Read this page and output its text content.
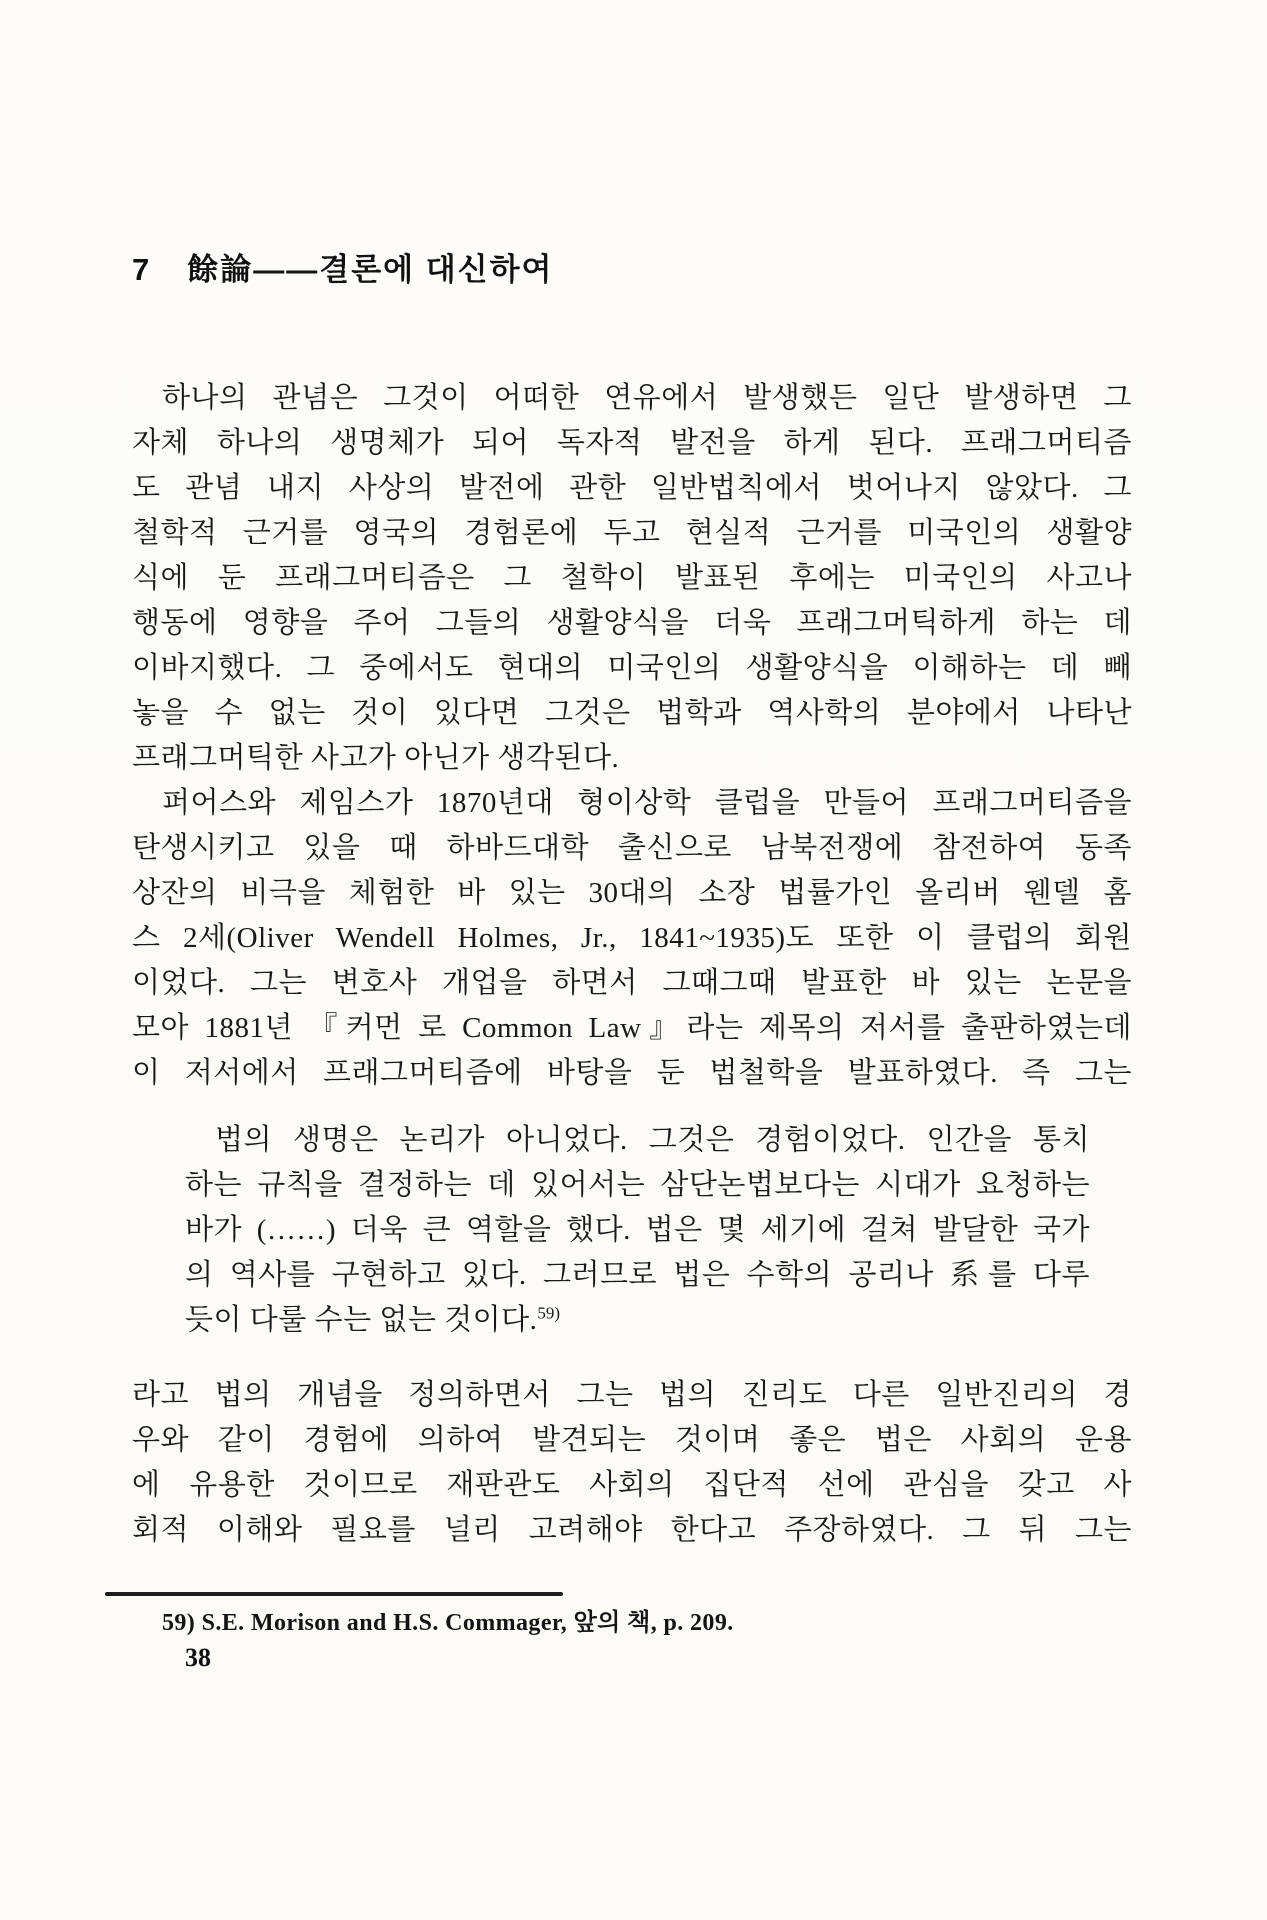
7 餘論——결론에 대신하여
하나의 관념은 그것이 어떠한 연유에서 발생했든 일단 발생하면 그
자체 하나의 생명체가 되어 독자적 발전을 하게 된다. 프래그머티즘
도 관념 내지 사상의 발전에 관한 일반법칙에서 벗어나지 않았다. 그
철학적 근거를 영국의 경험론에 두고 현실적 근거를 미국인의 생활양
식에 둔 프래그머티즘은 그 철학이 발표된 후에는 미국인의 사고나
행동에 영향을 주어 그들의 생활양식을 더욱 프래그머틱하게 하는 데
이바지했다. 그 중에서도 현대의 미국인의 생활양식을 이해하는 데 빼
놓을 수 없는 것이 있다면 그것은 법학과 역사학의 분야에서 나타난
프래그머틱한 사고가 아닌가 생각된다.
퍼어스와 제임스가 1870년대 형이상학 클럽을 만들어 프래그머티즘을
탄생시키고 있을 때 하바드대학 출신으로 남북전쟁에 참전하여 동족
상잔의 비극을 체험한 바 있는 30대의 소장 법률가인 올리버 웬델 홈
스 2세(Oliver Wendell Holmes, Jr., 1841~1935)도 또한 이 클럽의 회원
이었다. 그는 변호사 개업을 하면서 그때그때 발표한 바 있는 논문을
모아 1881년 『커먼 로 Common Law』라는 제목의 저서를 출판하였는데
이 저서에서 프래그머티즘에 바탕을 둔 법철학을 발표하였다. 즉 그는
법의 생명은 논리가 아니었다. 그것은 경험이었다. 인간을 통치
하는 규칙을 결정하는 데 있어서는 삼단논법보다는 시대가 요청하는
바가 (……) 더욱 큰 역할을 했다. 법은 몇 세기에 걸쳐 발달한 국가
의 역사를 구현하고 있다. 그러므로 법은 수학의 공리나 系를 다루
듯이 다룰 수는 없는 것이다.$^{59)}$
라고 법의 개념을 정의하면서 그는 법의 진리도 다른 일반진리의 경
우와 같이 경험에 의하여 발견되는 것이며 좋은 법은 사회의 운용
에 유용한 것이므로 재판관도 사회의 집단적 선에 관심을 갖고 사
회적 이해와 필요를 널리 고려해야 한다고 주장하였다. 그 뒤 그는
59) S.E. Morison and H.S. Commager, 앞의 책, p. 209.
38
